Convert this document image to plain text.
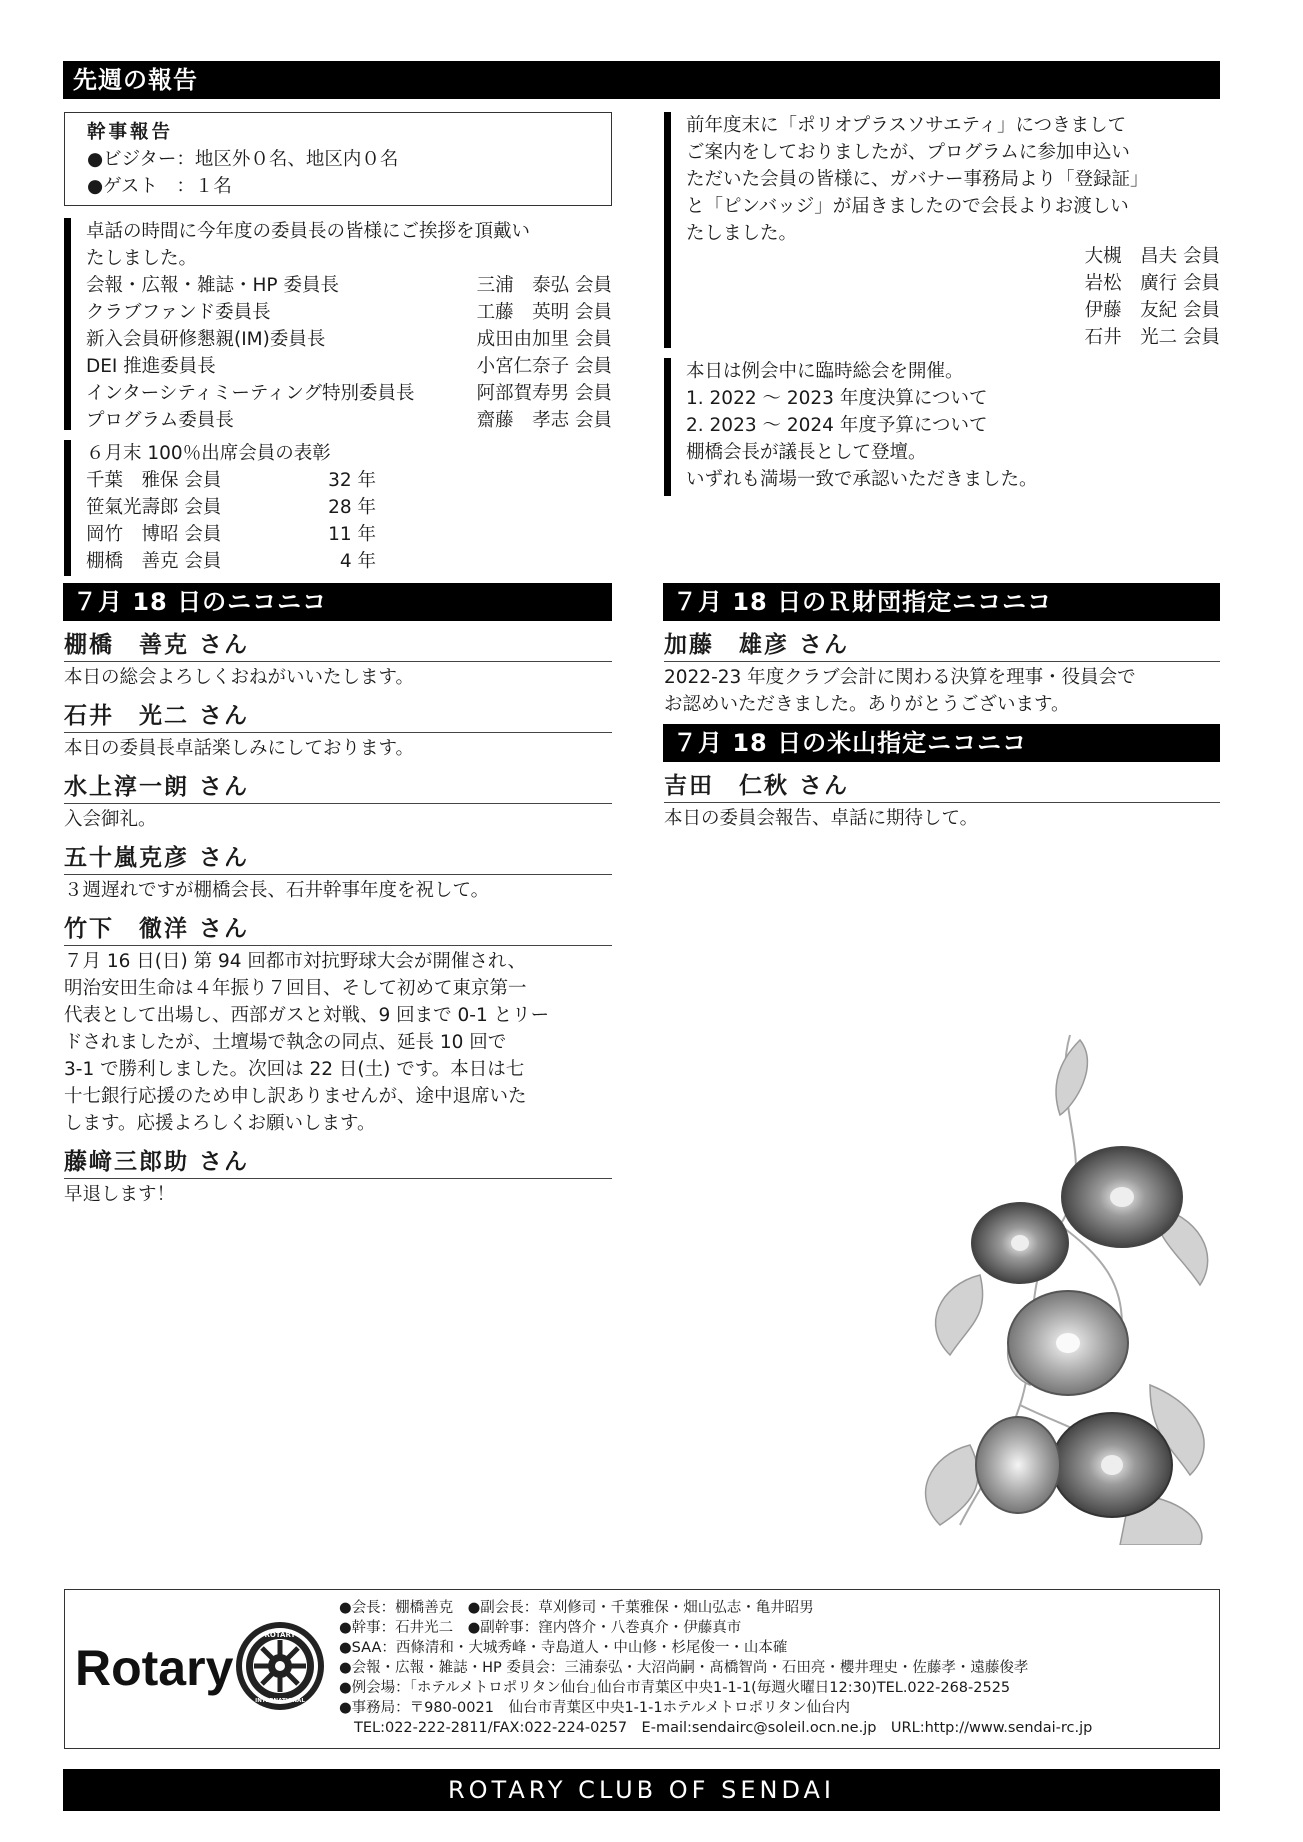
先週の報告
幹事報告
●ビジター：地区外０名、地区内０名
●ゲスト　：１名
卓話の時間に今年度の委員長の皆様にご挨拶を頂戴い
たしました。
会報・広報・雑誌・HP 委員長	三浦　泰弘 会員
クラブファンド委員長	工藤　英明 会員
新入会員研修懇親(IM)委員長	成田由加里 会員
DEI 推進委員長	小宮仁奈子 会員
インターシティミーティング特別委員長	阿部賀寿男 会員
プログラム委員長	齋藤　孝志 会員
６月末 100％出席会員の表彰
千葉　雅保 会員	32 年
笹氣光壽郎 会員	28 年
岡竹　博昭 会員	11 年
棚橋　善克 会員	4 年
前年度末に「ポリオプラスソサエティ」につきまして
ご案内をしておりましたが、プログラムに参加申込い
ただいた会員の皆様に、ガバナー事務局より「登録証」
と「ピンバッジ」が届きましたので会長よりお渡しい
たしました。
大槻　昌夫 会員
岩松　廣行 会員
伊藤　友紀 会員
石井　光二 会員
本日は例会中に臨時総会を開催。
1. 2022 ～ 2023 年度決算について
2. 2023 ～ 2024 年度予算について
棚橋会長が議長として登壇。
いずれも満場一致で承認いただきました。
７月 18 日のニコニコ
棚橋　善克 さん
本日の総会よろしくおねがいいたします。
石井　光二 さん
本日の委員長卓話楽しみにしております。
水上淳一朗 さん
入会御礼。
五十嵐克彦 さん
３週遅れですが棚橋会長、石井幹事年度を祝して。
竹下　徹洋 さん
７月 16 日(日) 第 94 回都市対抗野球大会が開催され、
明治安田生命は４年振り７回目、そして初めて東京第一
代表として出場し、西部ガスと対戦、9 回まで 0-1 とリー
ドされましたが、土壇場で執念の同点、延長 10 回で
3-1 で勝利しました。次回は 22 日(土) です。本日は七
十七銀行応援のため申し訳ありませんが、途中退席いた
します。応援よろしくお願いします。
藤﨑三郎助 さん
早退します！
７月 18 日のＲ財団指定ニコニコ
加藤　雄彦 さん
2022-23 年度クラブ会計に関わる決算を理事・役員会で
お認めいただきました。ありがとうございます。
７月 18 日の米山指定ニコニコ
吉田　仁秋 さん
本日の委員会報告、卓話に期待して。
Rotary
ROTARY
INTERNATIONAL
●会長：棚橋善克　●副会長：草刈修司・千葉雅保・畑山弘志・亀井昭男
●幹事：石井光二　●副幹事：窪内啓介・八巻真介・伊藤真市
●SAA：西條清和・大城秀峰・寺島道人・中山修・杉尾俊一・山本確
●会報・広報・雑誌・HP 委員会：三浦泰弘・大沼尚嗣・髙橋智尚・石田亮・櫻井理史・佐藤孝・遠藤俊孝
●例会場：｢ホテルメトロポリタン仙台｣仙台市青葉区中央1-1-1(毎週火曜日12:30)TEL.022-268-2525
●事務局：〒980-0021　仙台市青葉区中央1-1-1ホテルメトロポリタン仙台内
TEL:022-222-2811/FAX:022-224-0257　E-mail:sendairc@soleil.ocn.ne.jp　URL:http://www.sendai-rc.jp
ROTARY CLUB OF SENDAI
